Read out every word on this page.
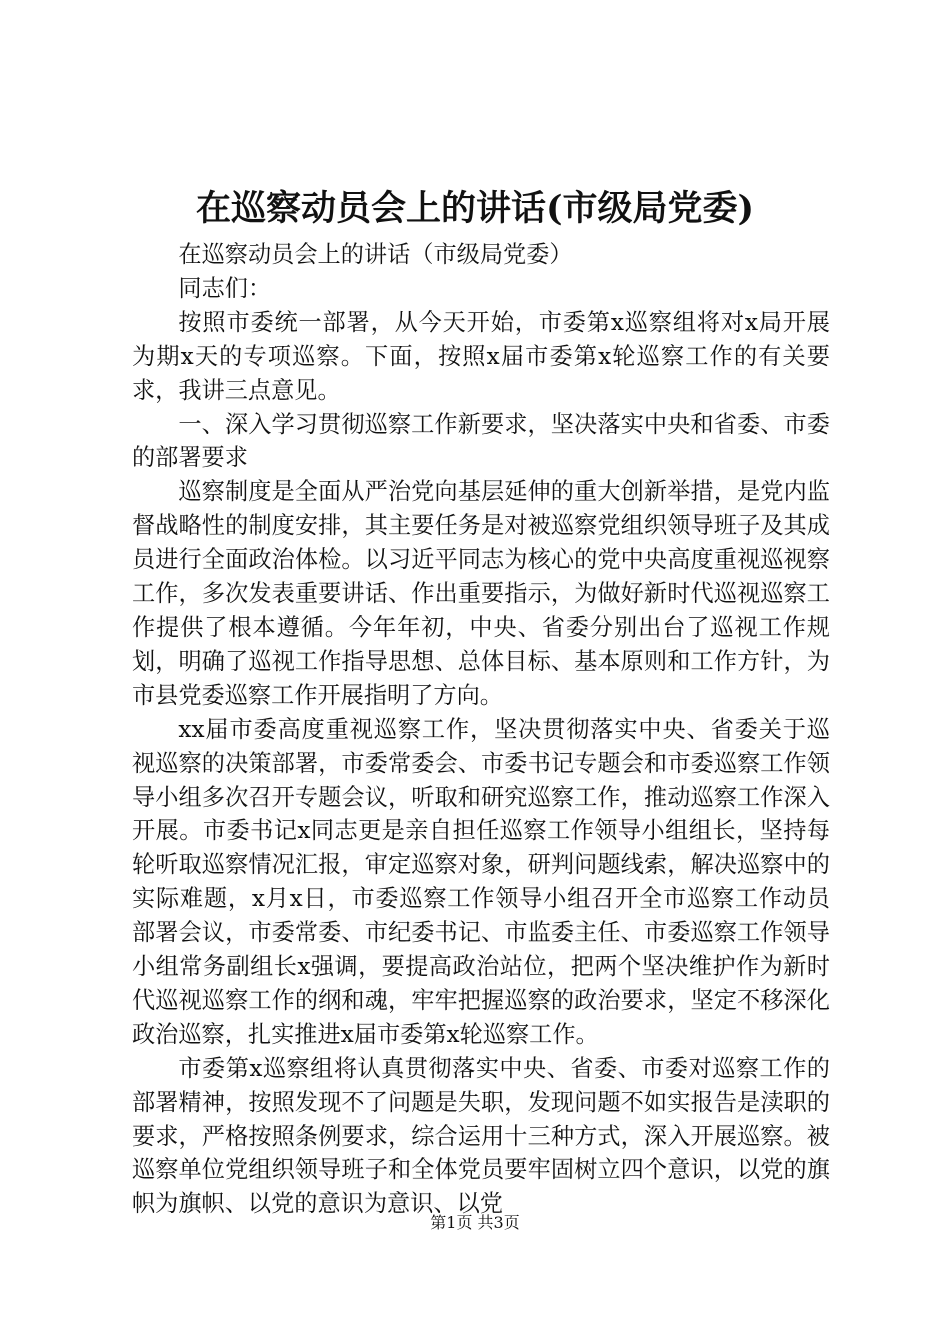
在巡察动员会上的讲话(市级局党委)

在巡察动员会上的讲话（市级局党委）

同志们：

按照市委统一部署，从今天开始，市委第x巡察组将对x局开展为期x天的专项巡察。下面，按照x届市委第x轮巡察工作的有关要求，我讲三点意见。

一、深入学习贯彻巡察工作新要求，坚决落实中央和省委、市委的部署要求

巡察制度是全面从严治党向基层延伸的重大创新举措，是党内监督战略性的制度安排，其主要任务是对被巡察党组织领导班子及其成员进行全面政治体检。以习近平同志为核心的党中央高度重视巡视察工作，多次发表重要讲话、作出重要指示，为做好新时代巡视巡察工作提供了根本遵循。今年年初，中央、省委分别出台了巡视工作规划，明确了巡视工作指导思想、总体目标、基本原则和工作方针，为市县党委巡察工作开展指明了方向。

xx届市委高度重视巡察工作，坚决贯彻落实中央、省委关于巡视巡察的决策部署，市委常委会、市委书记专题会和市委巡察工作领导小组多次召开专题会议，听取和研究巡察工作，推动巡察工作深入开展。市委书记x同志更是亲自担任巡察工作领导小组组长，坚持每轮听取巡察情况汇报，审定巡察对象，研判问题线索，解决巡察中的实际难题，x月x日，市委巡察工作领导小组召开全市巡察工作动员部署会议，市委常委、市纪委书记、市监委主任、市委巡察工作领导小组常务副组长x强调，要提高政治站位，把两个坚决维护作为新时代巡视巡察工作的纲和魂，牢牢把握巡察的政治要求，坚定不移深化政治巡察，扎实推进x届市委第x轮巡察工作。

市委第x巡察组将认真贯彻落实中央、省委、市委对巡察工作的部署精神，按照发现不了问题是失职，发现问题不如实报告是渎职的要求，严格按照条例要求，综合运用十三种方式，深入开展巡察。被巡察单位党组织领导班子和全体党员要牢固树立四个意识，以党的旗帜为旗帜、以党的意识为意识、以党

第1页 共3页
